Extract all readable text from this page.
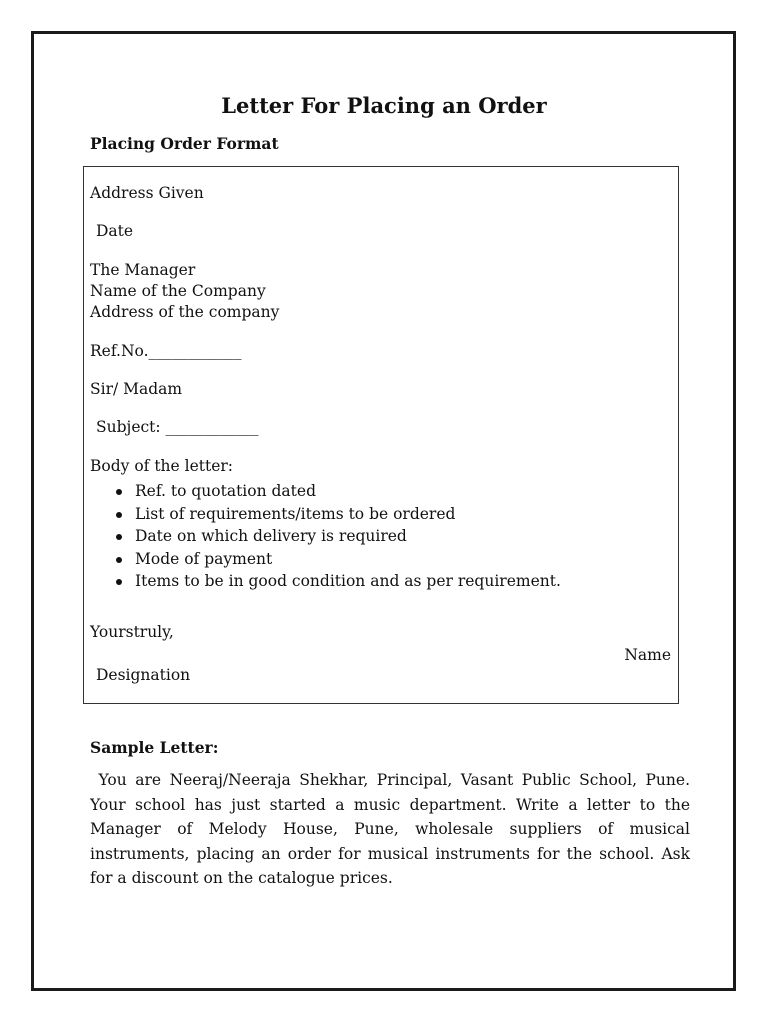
Letter For Placing an Order
Placing Order Format
Address Given
Date
The Manager
Name of the Company
Address of the company
Ref.No.____________
Sir/ Madam
Subject: ____________
Body of the letter:
Ref. to quotation dated
List of requirements/items to be ordered
Date on which delivery is required
Mode of payment
Items to be in good condition and as per requirement.
Yourstruly,
Name
Designation
Sample Letter:

You are Neeraj/Neeraja Shekhar, Principal, Vasant Public School, Pune. Your school has just started a music department. Write a letter to the Manager of Melody House, Pune, wholesale suppliers of musical instruments, placing an order for musical instruments for the school. Ask for a discount on the catalogue prices.
